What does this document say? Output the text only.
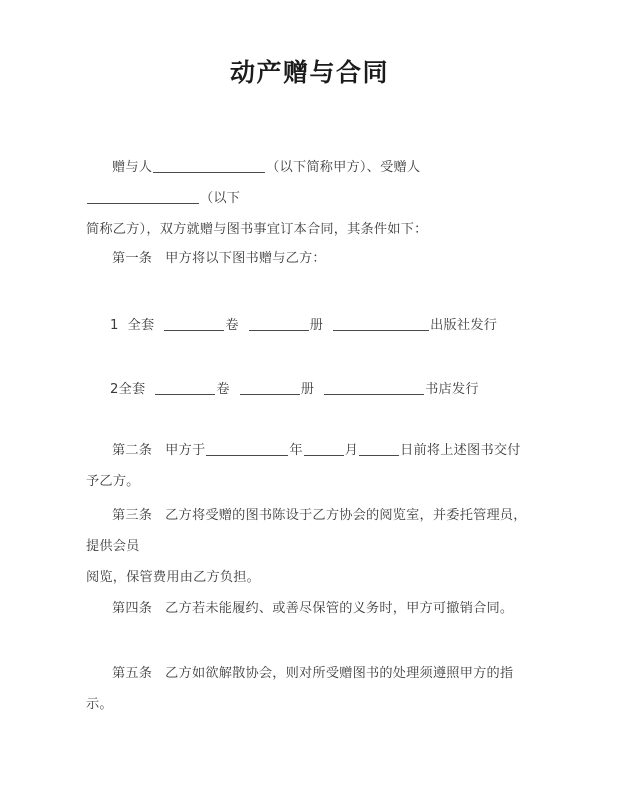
动产赠与合同
赠与人	（以下简称甲方）、受赠人（以下
简称乙方），双方就赠与图书事宜订本合同，其条件如下：
第一条 甲方将以下图书赠与乙方：
1 全套	卷	册	出版社发行
2全套	卷	册	书店发行
第二条 甲方于	年	月	日前将上述图书交付予乙方。
第三条 乙方将受赠的图书陈设于乙方协会的阅览室，并委托管理员，提供会员
阅览，保管费用由乙方负担。
第四条 乙方若未能履约、或善尽保管的义务时，甲方可撤销合同。
第五条 乙方如欲解散协会，则对所受赠图书的处理须遵照甲方的指示。
